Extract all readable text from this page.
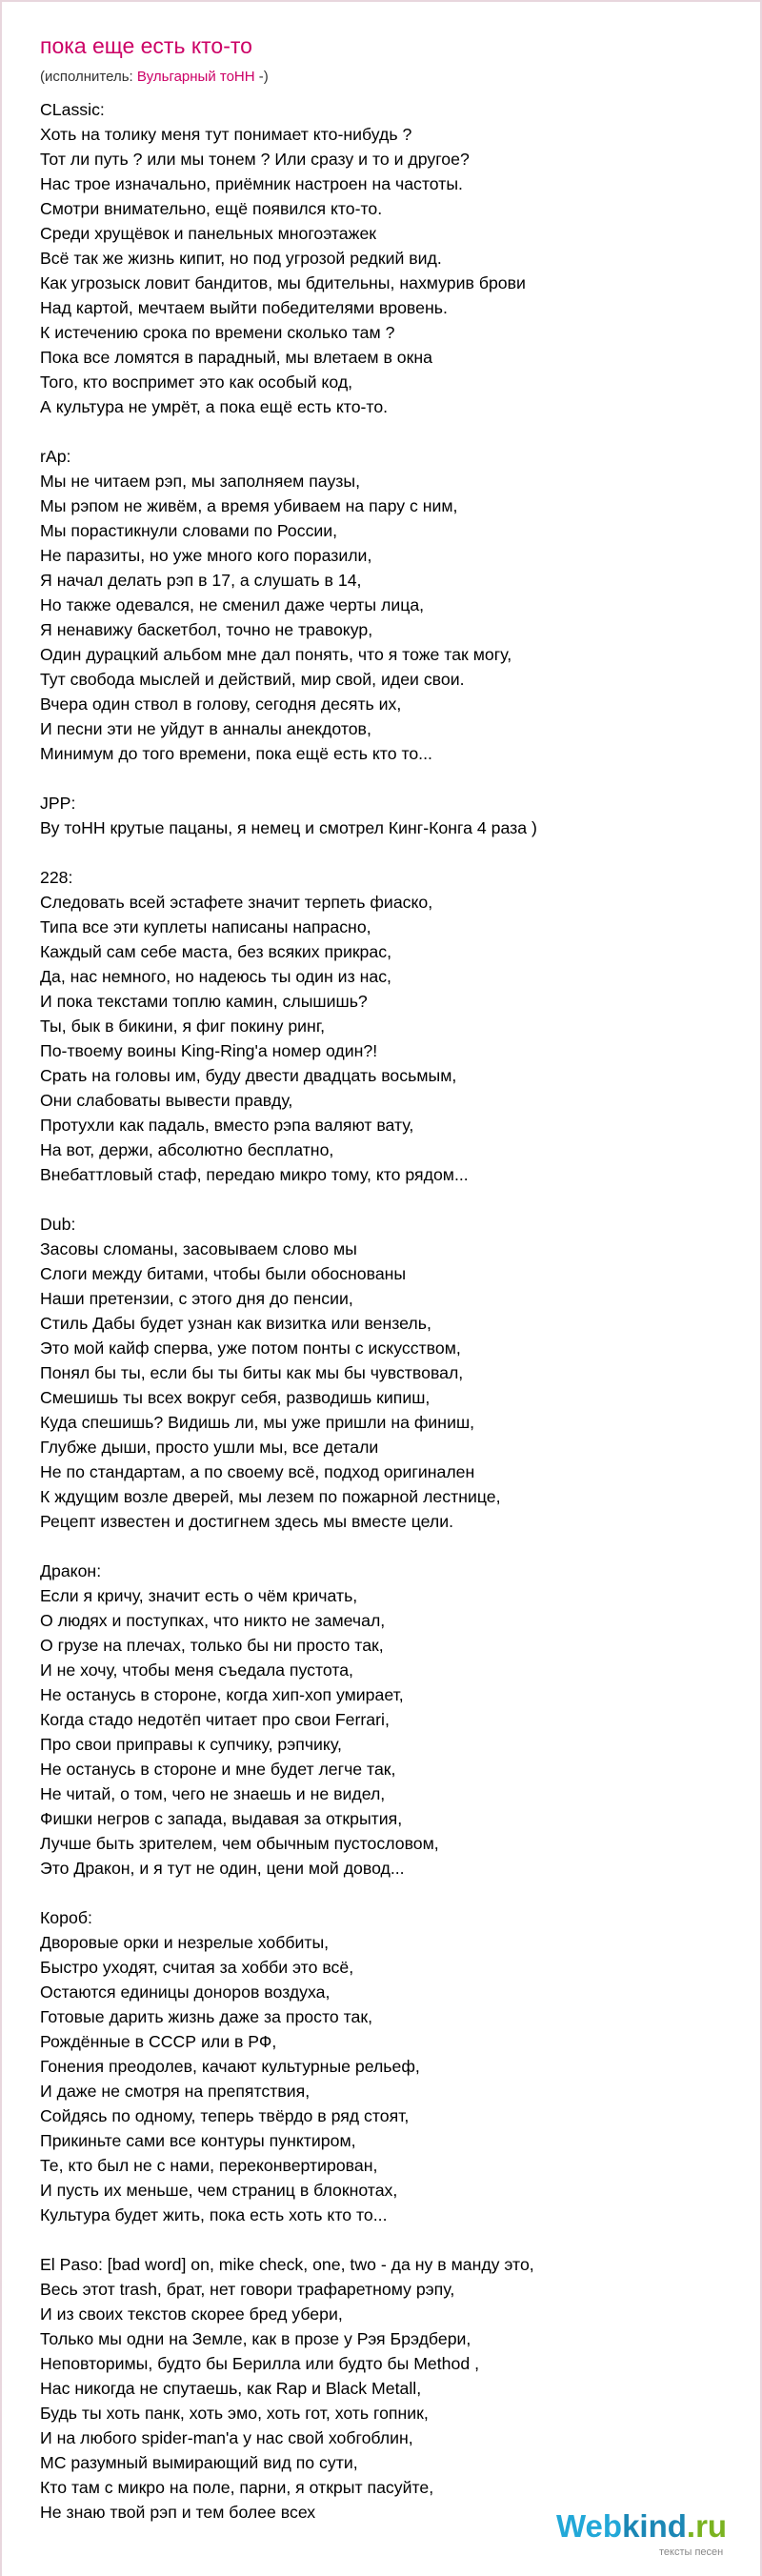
пока еще есть кто-то
(исполнитель: Вульгарный тоНН -)
CLassic:
Хоть на толику меня тут понимает кто-нибудь ?
Тот ли путь ? или мы тонем ? Или сразу и то и другое?
Нас трое изначально, приёмник настроен на частоты.
Смотри внимательно, ещё появился кто-то.
Среди хрущёвок и панельных многоэтажек
Всё так же жизнь кипит, но под угрозой редкий вид.
Как угрозыск ловит бандитов, мы бдительны, нахмурив брови
Над картой, мечтаем выйти победителями вровень.
К истечению срока по времени сколько там ?
Пока все ломятся в парадный, мы влетаем в окна
Того, кто воспримет это как особый код,
А культура не умрёт, а пока ещё есть кто-то.
rAp:
Мы не читаем рэп, мы заполняем паузы,
Мы рэпом не живём, а время убиваем на пару с ним,
Мы порастикнули словами по России,
Не паразиты, но уже много кого поразили,
Я начал делать рэп в 17, а слушать в 14,
Но также одевался, не сменил даже черты лица,
Я ненавижу баскетбол, точно не травокур,
Один дурацкий альбом мне дал понять, что я тоже так могу,
Тут свобода мыслей и действий, мир свой, идеи свои.
Вчера один ствол в голову, сегодня десять их,
И песни эти не уйдут в анналы анекдотов,
Минимум до того времени, пока ещё есть кто то...
JPP:
Ву тоНН крутые пацаны, я немец и смотрел Кинг-Конга 4 раза )
228:
Следовать всей эстафете значит терпеть фиаско,
Типа все эти куплеты написаны напрасно,
Каждый сам себе маста, без всяких прикрас,
Да, нас немного, но надеюсь ты один из нас,
И пока текстами топлю камин, слышишь?
Ты, бык в бикини, я фиг покину ринг,
По-твоему воины King-Ring'a номер один?!
Срать на головы им, буду двести двадцать восьмым,
Они слабоваты вывести правду,
Протухли как падаль, вместо рэпа валяют вату,
На вот, держи, абсолютно бесплатно,
Внебаттловый стаф, передаю микро тому, кто рядом...
Dub:
Засовы сломаны, засовываем слово мы
Слоги между битами, чтобы были обоснованы
Наши претензии, с этого дня до пенсии,
Стиль Дабы будет узнан как визитка или вензель,
Это мой кайф сперва, уже потом понты с искусством,
Понял бы ты, если бы ты биты как мы бы чувствовал,
Смешишь ты всех вокруг себя, разводишь кипиш,
Куда спешишь? Видишь ли, мы уже пришли на финиш,
Глубже дыши, просто ушли мы, все детали
Не по стандартам, а по своему всё, подход оригинален
К ждущим возле дверей, мы лезем по пожарной лестнице,
Рецепт известен и достигнем здесь мы вместе цели.
Дракон:
Если я кричу, значит есть о чём кричать,
О людях и поступках, что никто не замечал,
О грузе на плечах, только бы ни просто так,
И не хочу, чтобы меня съедала пустота,
Не останусь в стороне, когда хип-хоп умирает,
Когда стадо недотёп читает про свои Ferrari,
Про свои приправы к супчику, рэпчику,
Не останусь в стороне и мне будет легче так,
Не читай, о том, чего не знаешь и не видел,
Фишки негров с запада, выдавая за открытия,
Лучше быть зрителем, чем обычным пустословом,
Это Дракон, и я тут не один, цени мой довод...
Короб:
Дворовые орки и незрелые хоббиты,
Быстро уходят, считая за хобби это всё,
Остаются единицы доноров воздуха,
Готовые дарить жизнь даже за просто так,
Рождённые в СССР или в РФ,
Гонения преодолев, качают культурные рельеф,
И даже не смотря на препятствия,
Сойдясь по одному, теперь твёрдо в ряд стоят,
Прикиньте сами все контуры пунктиром,
Те, кто был не с нами, переконвертирован,
И пусть их меньше, чем страниц в блокнотах,
Культура будет жить, пока есть хоть кто то...
El Paso: [bad word] on, mike check, one, two - да ну в манду это,
Весь этот trash, брат, нет говори трафаретному рэпу,
И из своих текстов скорее бред убери,
Только мы одни на Земле, как в прозе у Рэя Брэдбери,
Неповторимы, будто бы Берилла или будто бы Method ,
Нас никогда не спутаешь, как Rap и Black Metall,
Будь ты хоть панк, хоть эмо, хоть гот, хоть гопник,
И на любого spider-man'a у нас свой хобгоблин,
МС разумный вымирающий вид по сути,
Кто там с микро на поле, парни, я открыт пасуйте,
Не знаю твой рэп и тем более всех	Webkind.ru
тексты песен
